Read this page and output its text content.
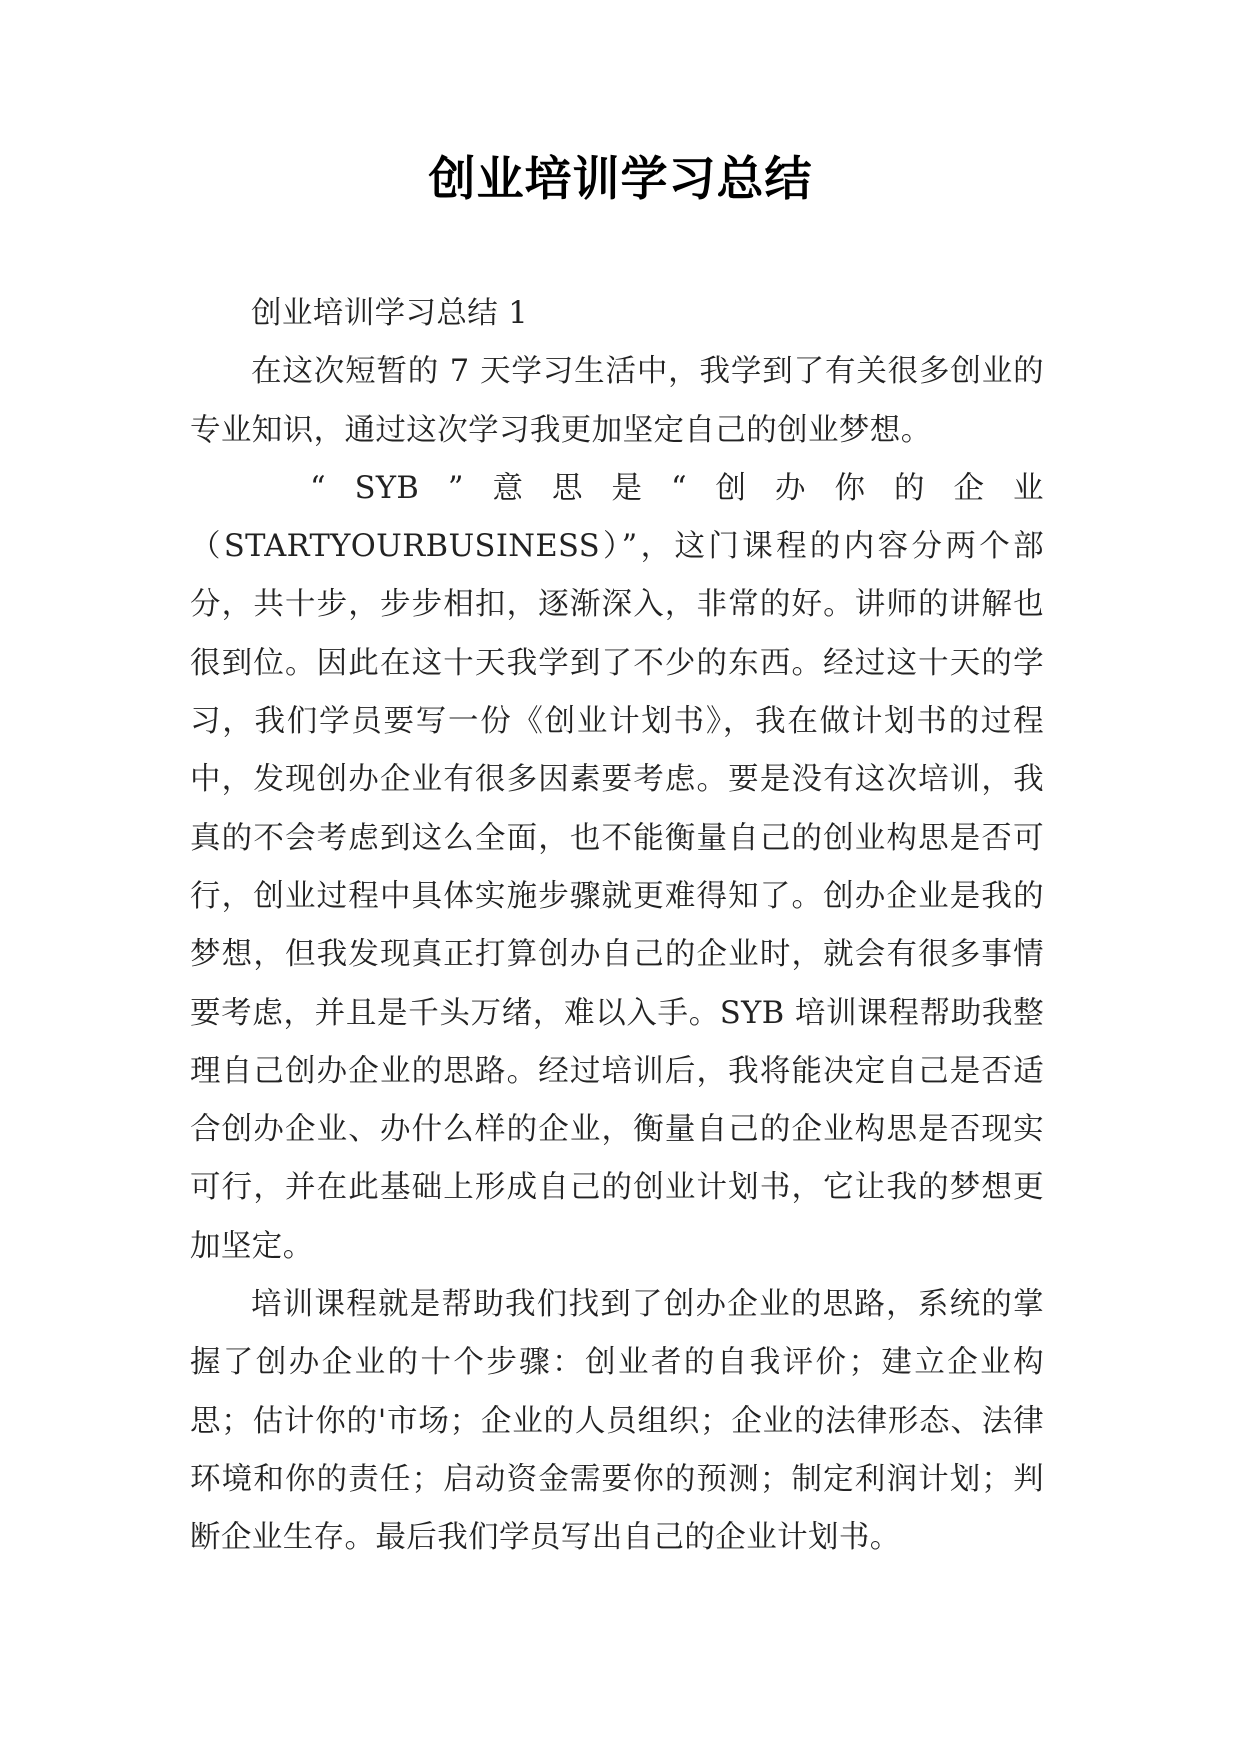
创业培训学习总结

创业培训学习总结 1

在这次短暂的 7 天学习生活中，我学到了有关很多创业的专业知识，通过这次学习我更加坚定自己的创业梦想。

“ SYB ” 意 思 是 “ 创 办 你 的 企 业

（STARTYOURBUSINESS）”，这门课程的内容分两个部分，共十步，步步相扣，逐渐深入，非常的好。讲师的讲解也很到位。因此在这十天我学到了不少的东西。经过这十天的学习，我们学员要写一份《创业计划书》，我在做计划书的过程中，发现创办企业有很多因素要考虑。要是没有这次培训，我真的不会考虑到这么全面，也不能衡量自己的创业构思是否可行，创业过程中具体实施步骤就更难得知了。创办企业是我的梦想，但我发现真正打算创办自己的企业时，就会有很多事情要考虑，并且是千头万绪，难以入手。SYB 培训课程帮助我整理自己创办企业的思路。经过培训后，我将能决定自己是否适合创办企业、办什么样的企业，衡量自己的企业构思是否现实可行，并在此基础上形成自己的创业计划书，它让我的梦想更加坚定。

培训课程就是帮助我们找到了创办企业的思路，系统的掌握了创办企业的十个步骤：创业者的自我评价；建立企业构思；估计你的'市场；企业的人员组织；企业的法律形态、法律环境和你的责任；启动资金需要你的预测；制定利润计划；判断企业生存。最后我们学员写出自己的企业计划书。
